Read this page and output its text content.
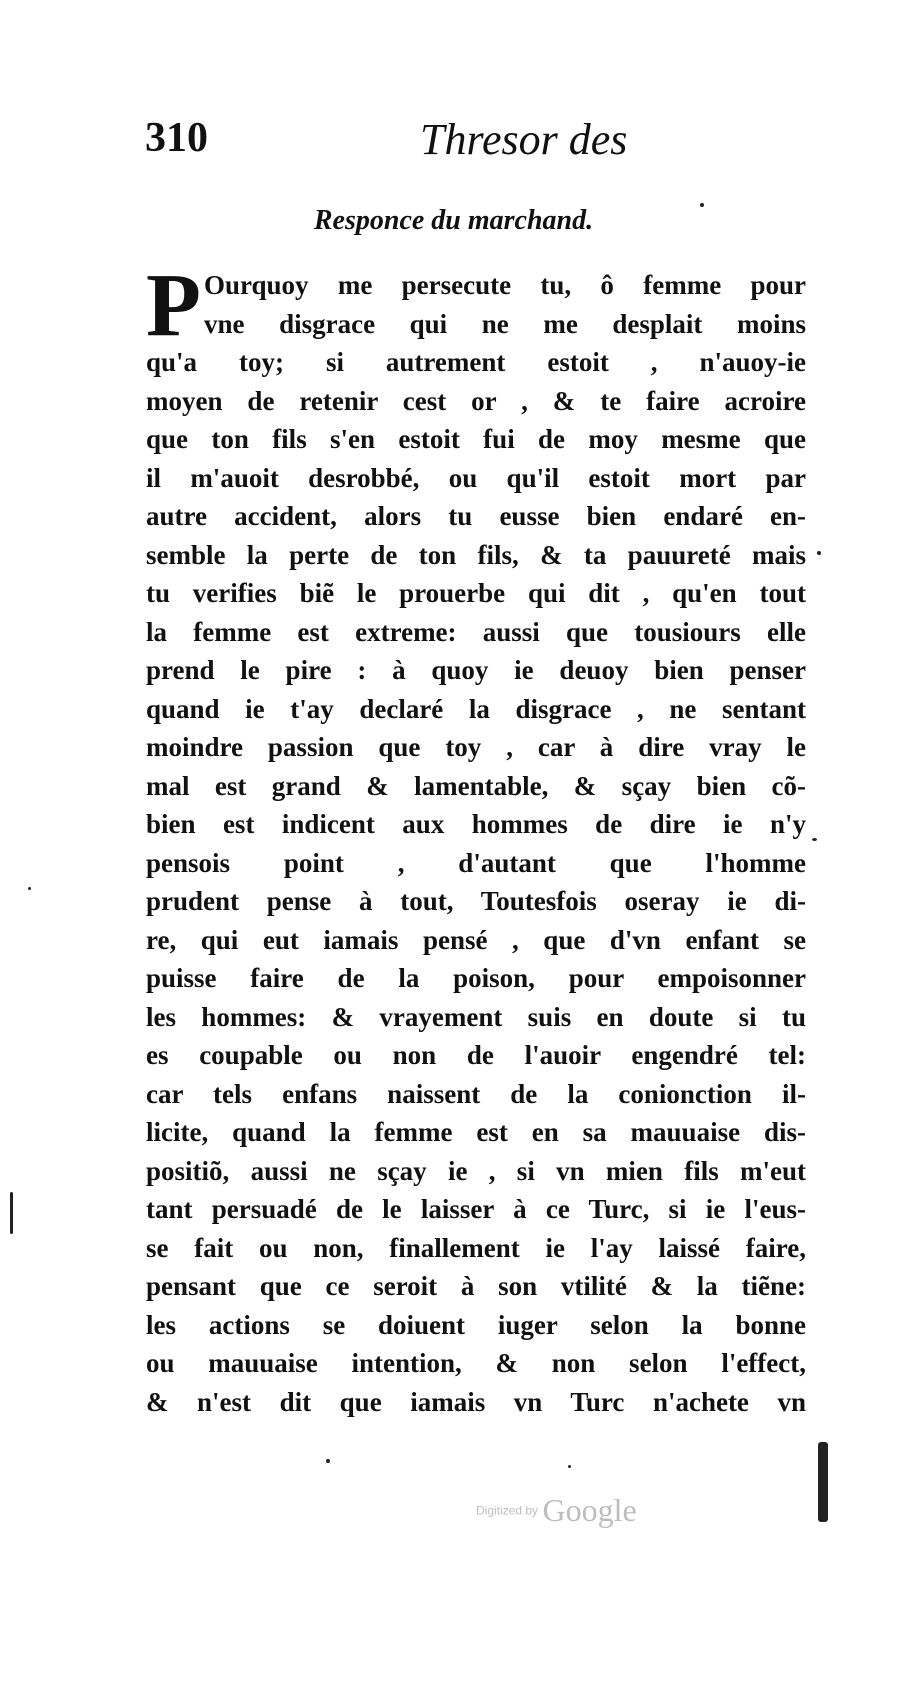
310	Thresor des
Responce du marchand.
P Ourquoy me persecute tu, ô femme pour
vne disgrace qui ne me desplait moins
qu'a toy; si autrement estoit , n'auoy-ie
moyen de retenir cest or , & te faire acroire
que ton fils s'en estoit fui de moy mesme que
il m'auoit desrobbé, ou qu'il estoit mort par
autre accident, alors tu eusse bien endaré en-
semble la perte de ton fils, & ta pauureté mais
tu verifies biẽ le prouerbe qui dit , qu'en tout
la femme est extreme: aussi que tousiours elle
prend le pire : à quoy ie deuoy bien penser
quand ie t'ay declaré la disgrace , ne sentant
moindre passion que toy , car à dire vray le
mal est grand & lamentable, & sçay bien cõ-
bien est indicent aux hommes de dire ie n'y
pensois point , d'autant que l'homme
prudent pense à tout, Toutesfois oseray ie di-
re, qui eut iamais pensé , que d'vn enfant se
puisse faire de la poison, pour empoisonner
les hommes: & vrayement suis en doute si tu
es coupable ou non de l'auoir engendré tel:
car tels enfans naissent de la conionction il-
licite, quand la femme est en sa mauuaise dis-
positiõ, aussi ne sçay ie , si vn mien fils m'eut
tant persuadé de le laisser à ce Turc, si ie l'eus-
se fait ou non, finallement ie l'ay laissé faire,
pensant que ce seroit à son vtilité & la tiẽne:
les actions se doiuent iuger selon la bonne
ou mauuaise intention, & non selon l'effect,
& n'est dit que iamais vn Turc n'achete vn
Digitized by Google
